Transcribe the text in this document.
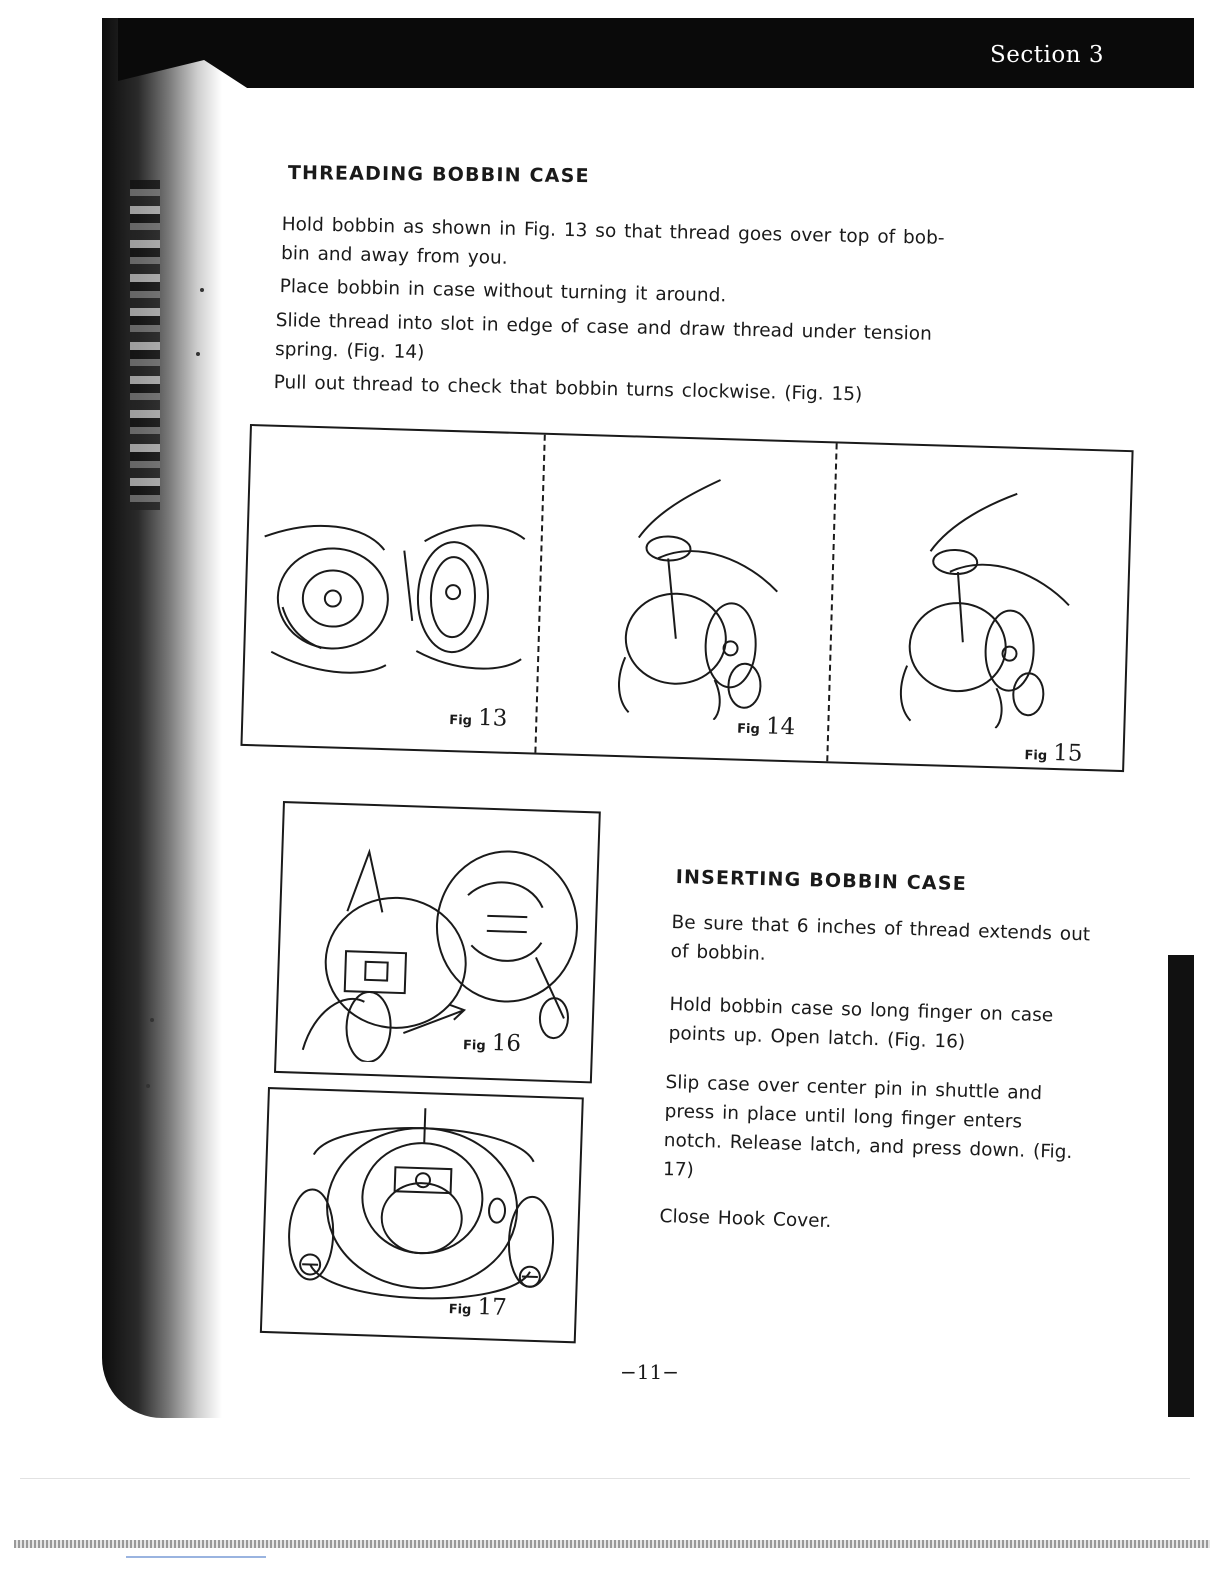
Section 3
THREADING BOBBIN CASE
Hold bobbin as shown in Fig. 13 so that thread goes over top of bob-bin and away from you.
Place bobbin in case without turning it around.
Slide thread into slot in edge of case and draw thread under tension spring. (Fig. 14)
Pull out thread to check that bobbin turns clockwise. (Fig. 15)
Fig 13	Fig 14
Fig 15
Fig 16
Fig 17
INSERTING BOBBIN CASE
Be sure that 6 inches of thread extends out of bobbin.
Hold bobbin case so long finger on case points up. Open latch. (Fig. 16)
Slip case over center pin in shuttle and press in place until long finger enters notch. Release latch, and press down. (Fig. 17)
Close Hook Cover.
−11−
